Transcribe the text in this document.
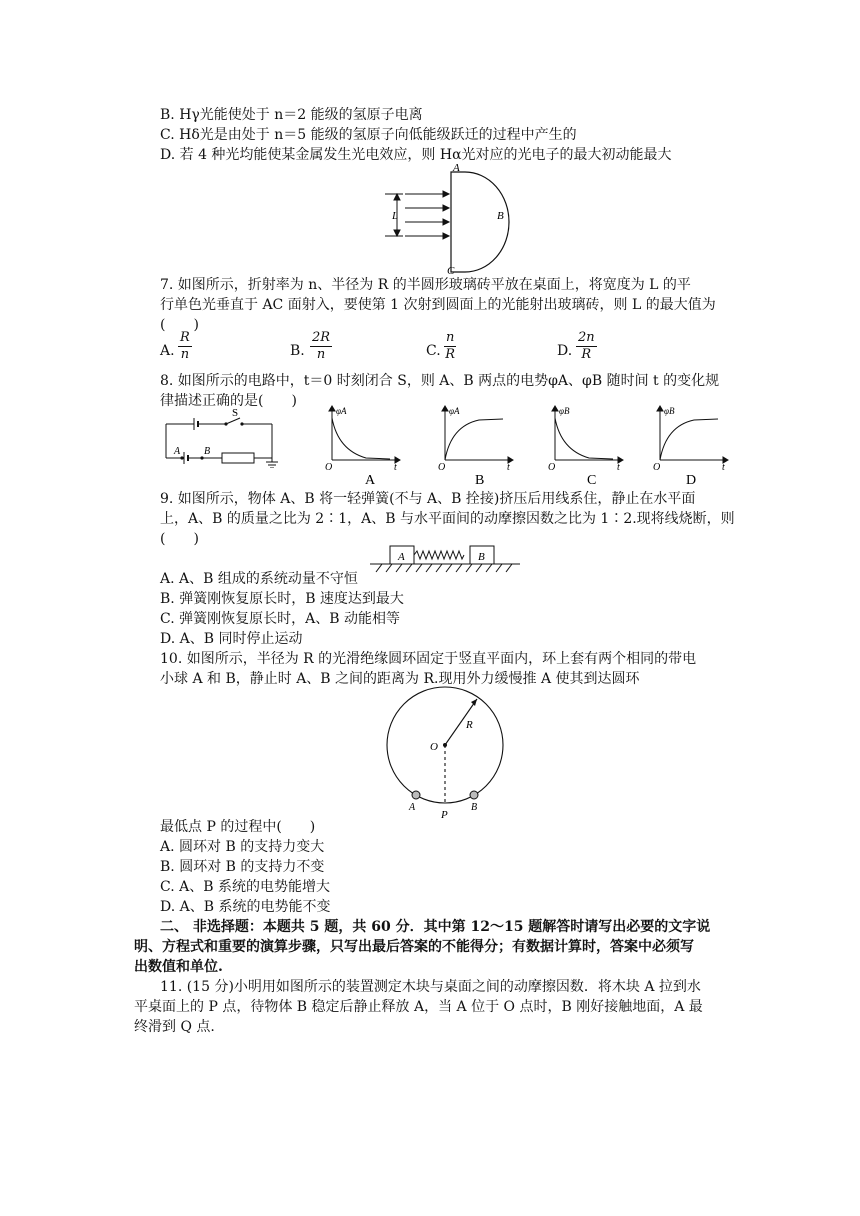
B. Hγ光能使处于 n＝2 能级的氢原子电离
C. Hδ光是由处于 n＝5 能级的氢原子向低能级跃迁的过程中产生的
D. 若 4 种光均能使某金属发生光电效应，则 Hα光对应的光电子的最大初动能最大
A
B
C
L
7. 如图所示，折射率为 n、半径为 R 的半圆形玻璃砖平放在桌面上，将宽度为 L 的平
行单色光垂直于 AC 面射入，要使第 1 次射到圆面上的光能射出玻璃砖，则 L 的最大值为
(　　)
A. $\frac{R}{n}$	B. $\frac{2R}{n}$	C. $\frac{n}{R}$	D. $\frac{2n}{R}$
8. 如图所示的电路中，t＝0 时刻闭合 S，则 A、B 两点的电势φA、φB 随时间 t 的变化规
律描述正确的是(　　)
S
A B
φA
O	t
A
φA
O	t
B
φB
O	t
C
φB
O	t
D
9. 如图所示，物体 A、B 将一轻弹簧(不与 A、B 拴接)挤压后用线系住，静止在水平面
上，A、B 的质量之比为 2∶1，A、B 与水平面间的动摩擦因数之比为 1∶2.现将线烧断，则
(　　)
A	B
A. A、B 组成的系统动量不守恒
B. 弹簧刚恢复原长时，B 速度达到最大
C. 弹簧刚恢复原长时，A、B 动能相等
D. A、B 同时停止运动
10. 如图所示，半径为 R 的光滑绝缘圆环固定于竖直平面内，环上套有两个相同的带电
小球 A 和 B，静止时 A、B 之间的距离为 R.现用外力缓慢推 A 使其到达圆环
O
R
A	B
P
最低点 P 的过程中(　　)
A. 圆环对 B 的支持力变大
B. 圆环对 B 的支持力不变
C. A、B 系统的电势能增大
D. A、B 系统的电势能不变
二、 非选择题：本题共 5 题，共 60 分．其中第 12～15 题解答时请写出必要的文字说
明、方程式和重要的演算步骤，只写出最后答案的不能得分；有数据计算时，答案中必须写
出数值和单位.
11. (15 分)小明用如图所示的装置测定木块与桌面之间的动摩擦因数．将木块 A 拉到水
平桌面上的 P 点，待物体 B 稳定后静止释放 A，当 A 位于 O 点时，B 刚好接触地面，A 最
终滑到 Q 点.
